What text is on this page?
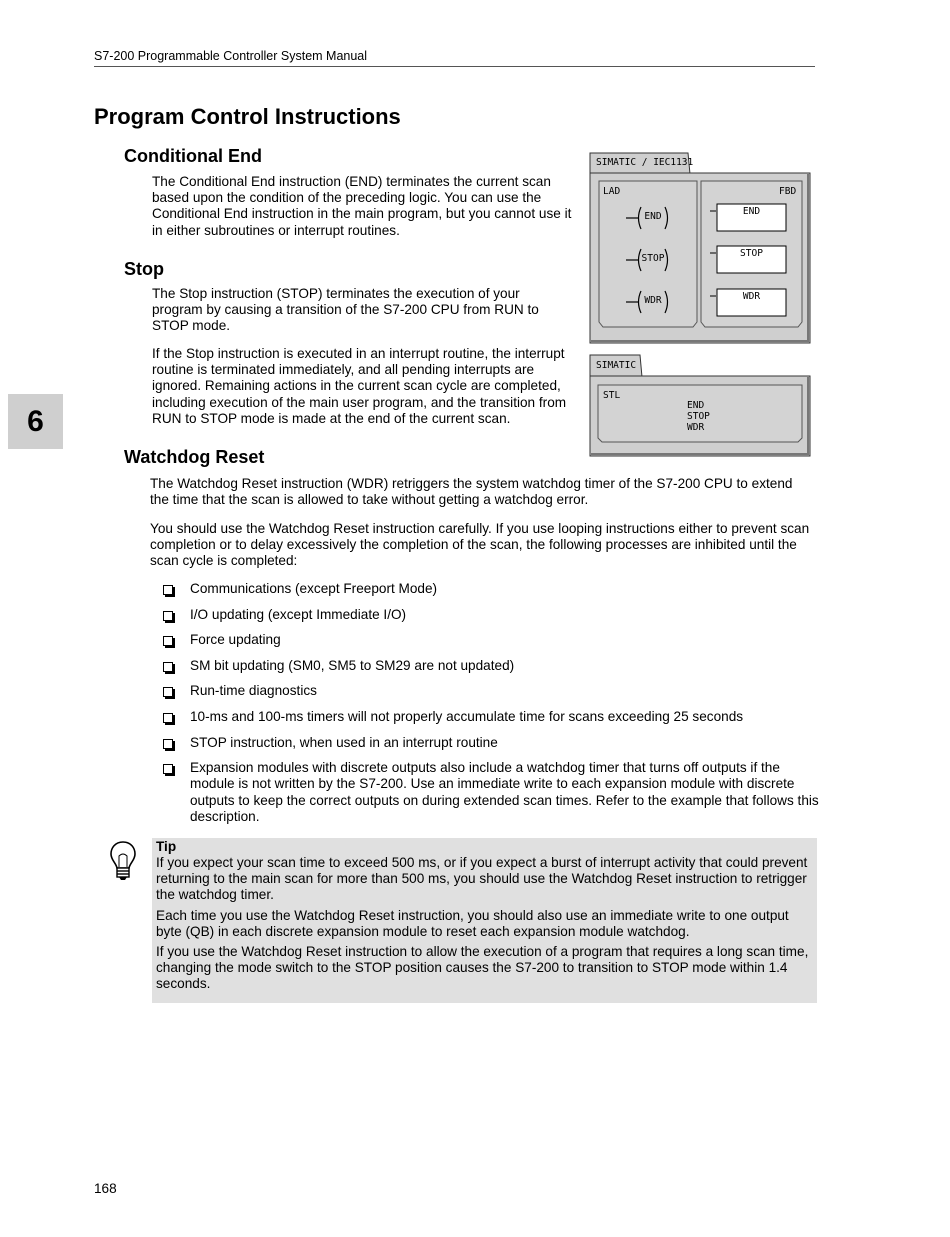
S7-200 Programmable Controller System Manual
6
Program Control Instructions
Conditional End
The Conditional End instruction (END) terminates the current scan based upon the condition of the preceding logic. You can use the Conditional End instruction in the main program, but you cannot use it in either subroutines or interrupt routines.
Stop
The Stop instruction (STOP) terminates the execution of your program by causing a transition of the S7-200 CPU from RUN to STOP mode.
If the Stop instruction is executed in an interrupt routine, the interrupt routine is terminated immediately, and all pending interrupts are ignored. Remaining actions in the current scan cycle are completed, including execution of the main user program, and the transition from RUN to STOP mode is made at the end of the current scan.
SIMATIC / IEC1131
LAD	FBD
END
STOP
WDR
END
STOP
WDR
SIMATIC
STL
END
STOP
WDR
Watchdog Reset
The Watchdog Reset instruction (WDR) retriggers the system watchdog timer of the S7-200 CPU to extend the time that the scan is allowed to take without getting a watchdog error.
You should use the Watchdog Reset instruction carefully. If you use looping instructions either to prevent scan completion or to delay excessively the completion of the scan, the following processes are inhibited until the scan cycle is completed:
Communications (except Freeport Mode)
I/O updating (except Immediate I/O)
Force updating
SM bit updating (SM0, SM5 to SM29 are not updated)
Run-time diagnostics
10-ms and 100-ms timers will not properly accumulate time for scans exceeding 25 seconds
STOP instruction, when used in an interrupt routine
Expansion modules with discrete outputs also include a watchdog timer that turns off outputs if the module is not written by the S7-200. Use an immediate write to each expansion module with discrete outputs to keep the correct outputs on during extended scan times. Refer to the example that follows this description.
Tip

If you expect your scan time to exceed 500 ms, or if you expect a burst of interrupt activity that could prevent returning to the main scan for more than 500 ms, you should use the Watchdog Reset instruction to retrigger the watchdog timer.

Each time you use the Watchdog Reset instruction, you should also use an immediate write to one output byte (QB) in each discrete expansion module to reset each expansion module watchdog.

If you use the Watchdog Reset instruction to allow the execution of a program that requires a long scan time, changing the mode switch to the STOP position causes the S7-200 to transition to STOP mode within 1.4 seconds.

168
